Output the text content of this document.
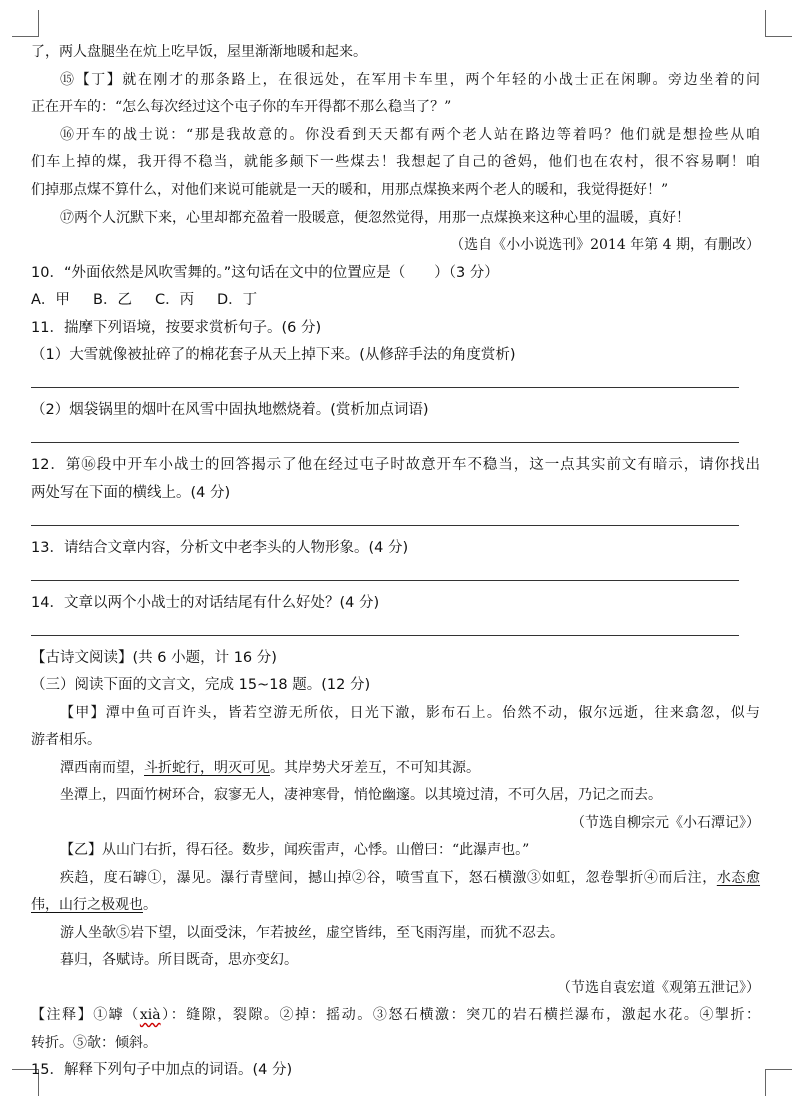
了，两人盘腿坐在炕上吃早饭，屋里渐渐地暖和起来。
⑮【丁】就在刚才的那条路上，在很远处，在军用卡车里，两个年轻的小战士正在闲聊。旁边坐着的问
正在开车的：“怎么每次经过这个屯子你的车开得都不那么稳当了？”
⑯开车的战士说：“那是我故意的。你没看到天天都有两个老人站在路边等着吗？他们就是想捡些从咱
们车上掉的煤，我开得不稳当，就能多颠下一些煤去！我想起了自己的爸妈，他们也在农村，很不容易啊！咱
们掉那点煤不算什么，对他们来说可能就是一天的暖和，用那点煤换来两个老人的暖和，我觉得挺好！”
⑰两个人沉默下来，心里却都充盈着一股暖意，便忽然觉得，用那一点煤换来这种心里的温暖，真好！
（选自《小小说选刊》2014 年第 4 期，有删改）
10．“外面依然是风吹雪舞的。”这句话在文中的位置应是（　　）（3 分）
A．甲 B．乙 C．丙 D．丁
11．揣摩下列语境，按要求赏析句子。(6 分)
（1）大雪就像被扯碎了的棉花套子从天上掉下来。(从修辞手法的角度赏析)
（2）烟袋锅里的烟叶在风雪中固执地燃烧着。(赏析加点词语)
12．第⑯段中开车小战士的回答揭示了他在经过屯子时故意开车不稳当，这一点其实前文有暗示，请你找出
两处写在下面的横线上。(4 分)
13．请结合文章内容，分析文中老李头的人物形象。(4 分)
14．文章以两个小战士的对话结尾有什么好处？(4 分)
【古诗文阅读】(共 6 小题，计 16 分)
（三）阅读下面的文言文，完成 15~18 题。(12 分)
【甲】潭中鱼可百许头，皆若空游无所依，日光下澈，影布石上。佁然不动，俶尔远逝，往来翕忽，似与
游者相乐。
潭西南而望，斗折蛇行，明灭可见。其岸势犬牙差互，不可知其源。
坐潭上，四面竹树环合，寂寥无人，凄神寒骨，悄怆幽邃。以其境过清，不可久居，乃记之而去。
（节选自柳宗元《小石潭记》）
【乙】从山门右折，得石径。数步，闻疾雷声，心悸。山僧曰：“此瀑声也。”
疾趋，度石罅①，瀑见。瀑行青壁间，撼山掉②谷，喷雪直下，怒石横激③如虹，忽卷掣折④而后注，水态愈
伟，山行之极观也。
游人坐欹⑤岩下望，以面受沫，乍若披丝，虚空皆纬，至飞雨泻崖，而犹不忍去。
暮归，各赋诗。所目既奇，思亦变幻。
（节选自袁宏道《观第五泄记》）
【注释】①罅（xià）：缝隙，裂隙。②掉：摇动。③怒石横激：突兀的岩石横拦瀑布，激起水花。④掣折：
转折。⑤欹：倾斜。
15．解释下列句子中加点的词语。(4 分)
